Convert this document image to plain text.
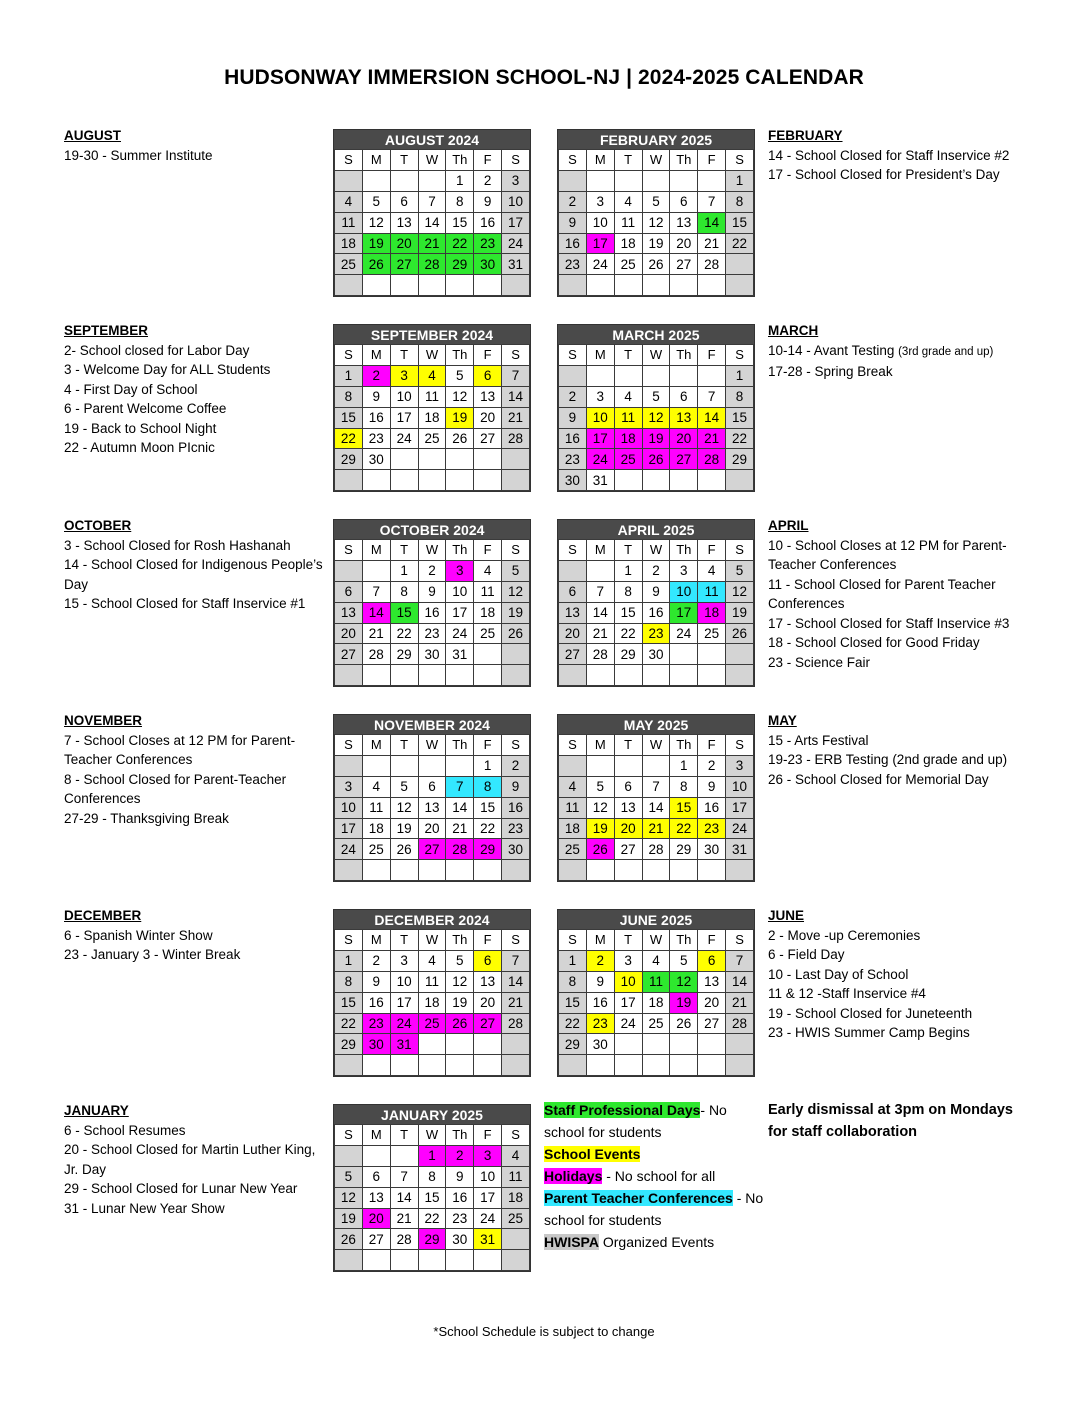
HUDSONWAY IMMERSION SCHOOL-NJ | 2024-2025 CALENDAR
AUGUST
19-30 - Summer Institute
SEPTEMBER
2- School closed for Labor Day
3 - Welcome Day for ALL Students
4 - First Day of School
6 - Parent Welcome Coffee
19 - Back to School Night
22 - Autumn Moon PIcnic
OCTOBER
3 - School Closed for Rosh Hashanah
14 - School Closed for Indigenous People’s Day
15 - School Closed for Staff Inservice #1
NOVEMBER
7 - School Closes at 12 PM for Parent-Teacher Conferences
8 - School Closed for Parent-Teacher Conferences
27-29 - Thanksgiving Break
DECEMBER
6 - Spanish Winter Show
23 - January 3 - Winter Break
JANUARY
6 - School Resumes
20 - School Closed for Martin Luther King, Jr. Day
29 - School Closed for Lunar New Year
31 - Lunar New Year Show
FEBRUARY
14 - School Closed for Staff Inservice #2
17 - School Closed for President’s Day
MARCH
10-14 - Avant Testing (3rd grade and up)
17-28 - Spring Break
APRIL
10 - School Closes at 12 PM for Parent-Teacher Conferences
11 - School Closed for Parent Teacher Conferences
17 - School Closed for Staff Inservice #3
18 - School Closed for Good Friday
23 - Science Fair
MAY
15 - Arts Festival
19-23 - ERB Testing (2nd grade and up)
26 - School Closed for Memorial Day
JUNE
2 - Move -up Ceremonies
6 - Field Day
10 - Last Day of School
11 & 12 -Staff Inservice #4
19 - School Closed for Juneteenth
23 - HWIS Summer Camp Begins
AUGUST 2024
S	M	T	W	Th	F	S
				1	2	3
4	5	6	7	8	9	10
11	12	13	14	15	16	17
18	19	20	21	22	23	24
25	26	27	28	29	30	31

FEBRUARY 2025
S	M	T	W	Th	F	S
						1
2	3	4	5	6	7	8
9	10	11	12	13	14	15
16	17	18	19	20	21	22
23	24	25	26	27	28	

SEPTEMBER 2024
S	M	T	W	Th	F	S
1	2	3	4	5	6	7
8	9	10	11	12	13	14
15	16	17	18	19	20	21
22	23	24	25	26	27	28
29	30					

MARCH 2025
S	M	T	W	Th	F	S
						1
2	3	4	5	6	7	8
9	10	11	12	13	14	15
16	17	18	19	20	21	22
23	24	25	26	27	28	29
30	31					
OCTOBER 2024
S	M	T	W	Th	F	S
		1	2	3	4	5
6	7	8	9	10	11	12
13	14	15	16	17	18	19
20	21	22	23	24	25	26
27	28	29	30	31		

APRIL 2025
S	M	T	W	Th	F	S
		1	2	3	4	5
6	7	8	9	10	11	12
13	14	15	16	17	18	19
20	21	22	23	24	25	26
27	28	29	30			

NOVEMBER 2024
S	M	T	W	Th	F	S
					1	2
3	4	5	6	7	8	9
10	11	12	13	14	15	16
17	18	19	20	21	22	23
24	25	26	27	28	29	30

MAY 2025
S	M	T	W	Th	F	S
				1	2	3
4	5	6	7	8	9	10
11	12	13	14	15	16	17
18	19	20	21	22	23	24
25	26	27	28	29	30	31

DECEMBER 2024
S	M	T	W	Th	F	S
1	2	3	4	5	6	7
8	9	10	11	12	13	14
15	16	17	18	19	20	21
22	23	24	25	26	27	28
29	30	31				

JUNE 2025
S	M	T	W	Th	F	S
1	2	3	4	5	6	7
8	9	10	11	12	13	14
15	16	17	18	19	20	21
22	23	24	25	26	27	28
29	30					

JANUARY 2025
S	M	T	W	Th	F	S
			1	2	3	4
5	6	7	8	9	10	11
12	13	14	15	16	17	18
19	20	21	22	23	24	25
26	27	28	29	30	31	

Staff Professional Days- No school for students
School Events
Holidays - No school for all
Parent Teacher Conferences - No school for students
HWISPA Organized Events
Early dismissal at 3pm on Mondays for staff collaboration
*School Schedule is subject to change
